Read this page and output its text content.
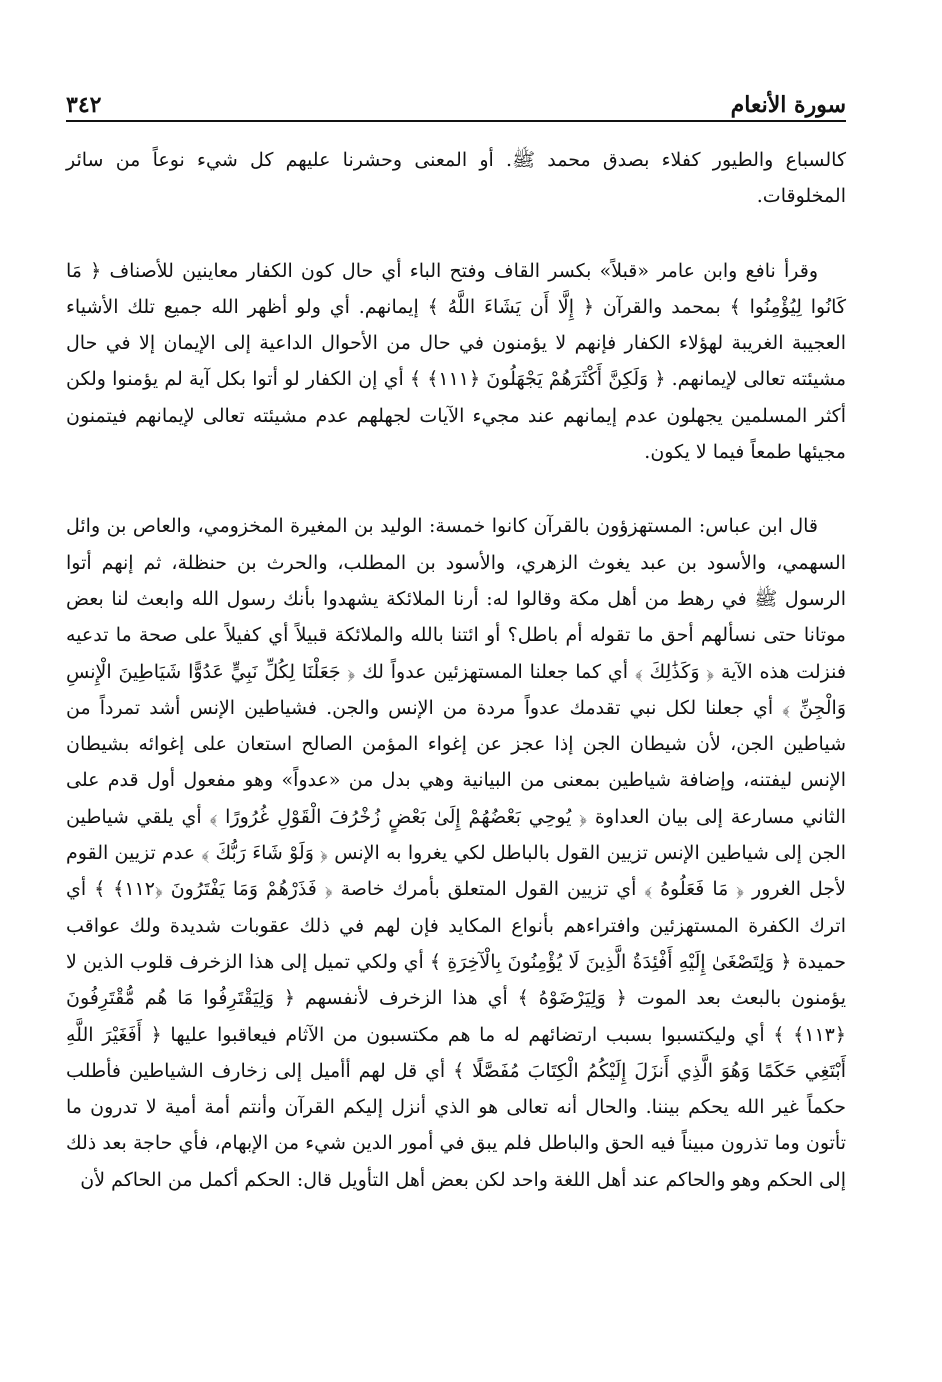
سورة الأنعام
٣٤٢

كالسباع والطيور كفلاء بصدق محمد ﷺ. أو المعنى وحشرنا عليهم كل شيء نوعاً من سائر المخلوقات.

وقرأ نافع وابن عامر «قبلاً» بكسر القاف وفتح الباء أي حال كون الكفار معاينين للأصناف ﴿ مَا كَانُوا لِيُؤْمِنُوا ﴾ بمحمد والقرآن ﴿ إِلَّا أَن يَشَاءَ اللَّهُ ﴾ إيمانهم. أي ولو أظهر الله جميع تلك الأشياء العجيبة الغريبة لهؤلاء الكفار فإنهم لا يؤمنون في حال من الأحوال الداعية إلى الإيمان إلا في حال مشيئته تعالى لإيمانهم. ﴿ وَلَكِنَّ أَكْثَرَهُمْ يَجْهَلُونَ ﴿١١١﴾ ﴾ أي إن الكفار لو أتوا بكل آية لم يؤمنوا ولكن أكثر المسلمين يجهلون عدم إيمانهم عند مجيء الآيات لجهلهم عدم مشيئته تعالى لإيمانهم فيتمنون مجيئها طمعاً فيما لا يكون.

قال ابن عباس: المستهزؤون بالقرآن كانوا خمسة: الوليد بن المغيرة المخزومي، والعاص بن وائل السهمي، والأسود بن عبد يغوث الزهري، والأسود بن المطلب، والحرث بن حنظلة، ثم إنهم أتوا الرسول ﷺ في رهط من أهل مكة وقالوا له: أرنا الملائكة يشهدوا بأنك رسول الله وابعث لنا بعض موتانا حتى نسألهم أحق ما تقوله أم باطل؟ أو ائتنا بالله والملائكة قبيلاً أي كفيلاً على صحة ما تدعيه فنزلت هذه الآية ﴿ وَكَذَٰلِكَ ﴾ أي كما جعلنا المستهزئين عدواً لك ﴿ جَعَلْنَا لِكُلِّ نَبِيٍّ عَدُوًّا شَيَاطِينَ الْإِنسِ وَالْجِنِّ ﴾ أي جعلنا لكل نبي تقدمك عدواً مردة من الإنس والجن. فشياطين الإنس أشد تمرداً من شياطين الجن، لأن شيطان الجن إذا عجز عن إغواء المؤمن الصالح استعان على إغوائه بشيطان الإنس ليفتنه، وإضافة شياطين بمعنى من البيانية وهي بدل من «عدواً» وهو مفعول أول قدم على الثاني مسارعة إلى بيان العداوة ﴿ يُوحِي بَعْضُهُمْ إِلَىٰ بَعْضٍ زُخْرُفَ الْقَوْلِ غُرُورًا ﴾ أي يلقي شياطين الجن إلى شياطين الإنس تزيين القول بالباطل لكي يغروا به الإنس ﴿ وَلَوْ شَاءَ رَبُّكَ ﴾ عدم تزيين القوم لأجل الغرور ﴿ مَا فَعَلُوهُ ﴾ أي تزيين القول المتعلق بأمرك خاصة ﴿ فَذَرْهُمْ وَمَا يَفْتَرُونَ ﴿١١٢﴾ ﴾ أي اترك الكفرة المستهزئين وافتراءهم بأنواع المكايد فإن لهم في ذلك عقوبات شديدة ولك عواقب حميدة ﴿ وَلِتَصْغَىٰ إِلَيْهِ أَفْئِدَةُ الَّذِينَ لَا يُؤْمِنُونَ بِالْآخِرَةِ ﴾ أي ولكي تميل إلى هذا الزخرف قلوب الذين لا يؤمنون بالبعث بعد الموت ﴿ وَلِيَرْضَوْهُ ﴾ أي هذا الزخرف لأنفسهم ﴿ وَلِيَقْتَرِفُوا مَا هُم مُّقْتَرِفُونَ ﴿١١٣﴾ ﴾ أي وليكتسبوا بسبب ارتضائهم له ما هم مكتسبون من الآثام فيعاقبوا عليها ﴿ أَفَغَيْرَ اللَّهِ أَبْتَغِي حَكَمًا وَهُوَ الَّذِي أَنزَلَ إِلَيْكُمُ الْكِتَابَ مُفَصَّلًا ﴾ أي قل لهم أأميل إلى زخارف الشياطين فأطلب حكماً غير الله يحكم بيننا. والحال أنه تعالى هو الذي أنزل إليكم القرآن وأنتم أمة أمية لا تدرون ما تأتون وما تذرون مبيناً فيه الحق والباطل فلم يبق في أمور الدين شيء من الإبهام، فأي حاجة بعد ذلك إلى الحكم وهو والحاكم عند أهل اللغة واحد لكن بعض أهل التأويل قال: الحكم أكمل من الحاكم لأن
